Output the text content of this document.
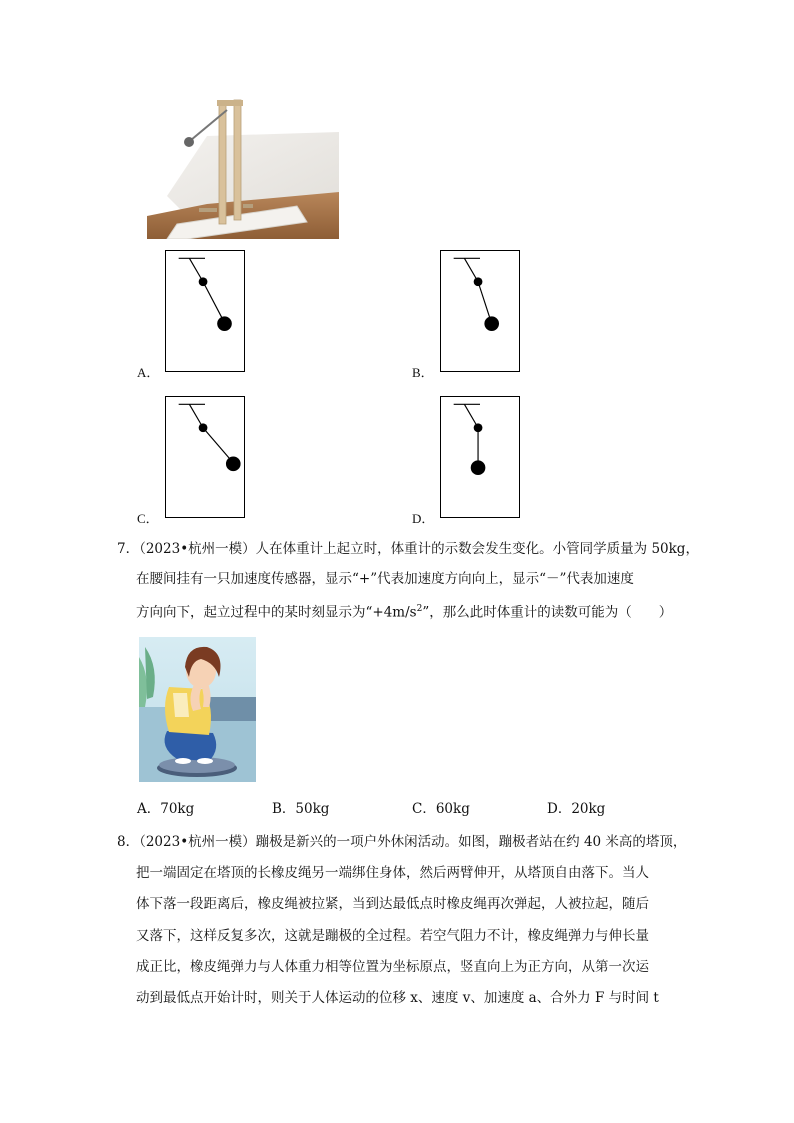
A．	B．
C．	D．
7．（2023•杭州一模）人在体重计上起立时，体重计的示数会发生变化。小管同学质量为 50kg，
在腰间挂有一只加速度传感器，显示“+”代表加速度方向向上，显示“－”代表加速度
方向向下，起立过程中的某时刻显示为“$+4m/s^2$”，那么此时体重计的读数可能为（　　）
A．70kg	B．50kg	C．60kg	D．20kg
8．（2023•杭州一模）蹦极是新兴的一项户外休闲活动。如图，蹦极者站在约 40 米高的塔顶，
把一端固定在塔顶的长橡皮绳另一端绑住身体，然后两臂伸开，从塔顶自由落下。当人
体下落一段距离后，橡皮绳被拉紧，当到达最低点时橡皮绳再次弹起，人被拉起，随后
又落下，这样反复多次，这就是蹦极的全过程。若空气阻力不计，橡皮绳弹力与伸长量
成正比，橡皮绳弹力与人体重力相等位置为坐标原点，竖直向上为正方向，从第一次运
动到最低点开始计时，则关于人体运动的位移 x、速度 v、加速度 a、合外力 F 与时间 t
